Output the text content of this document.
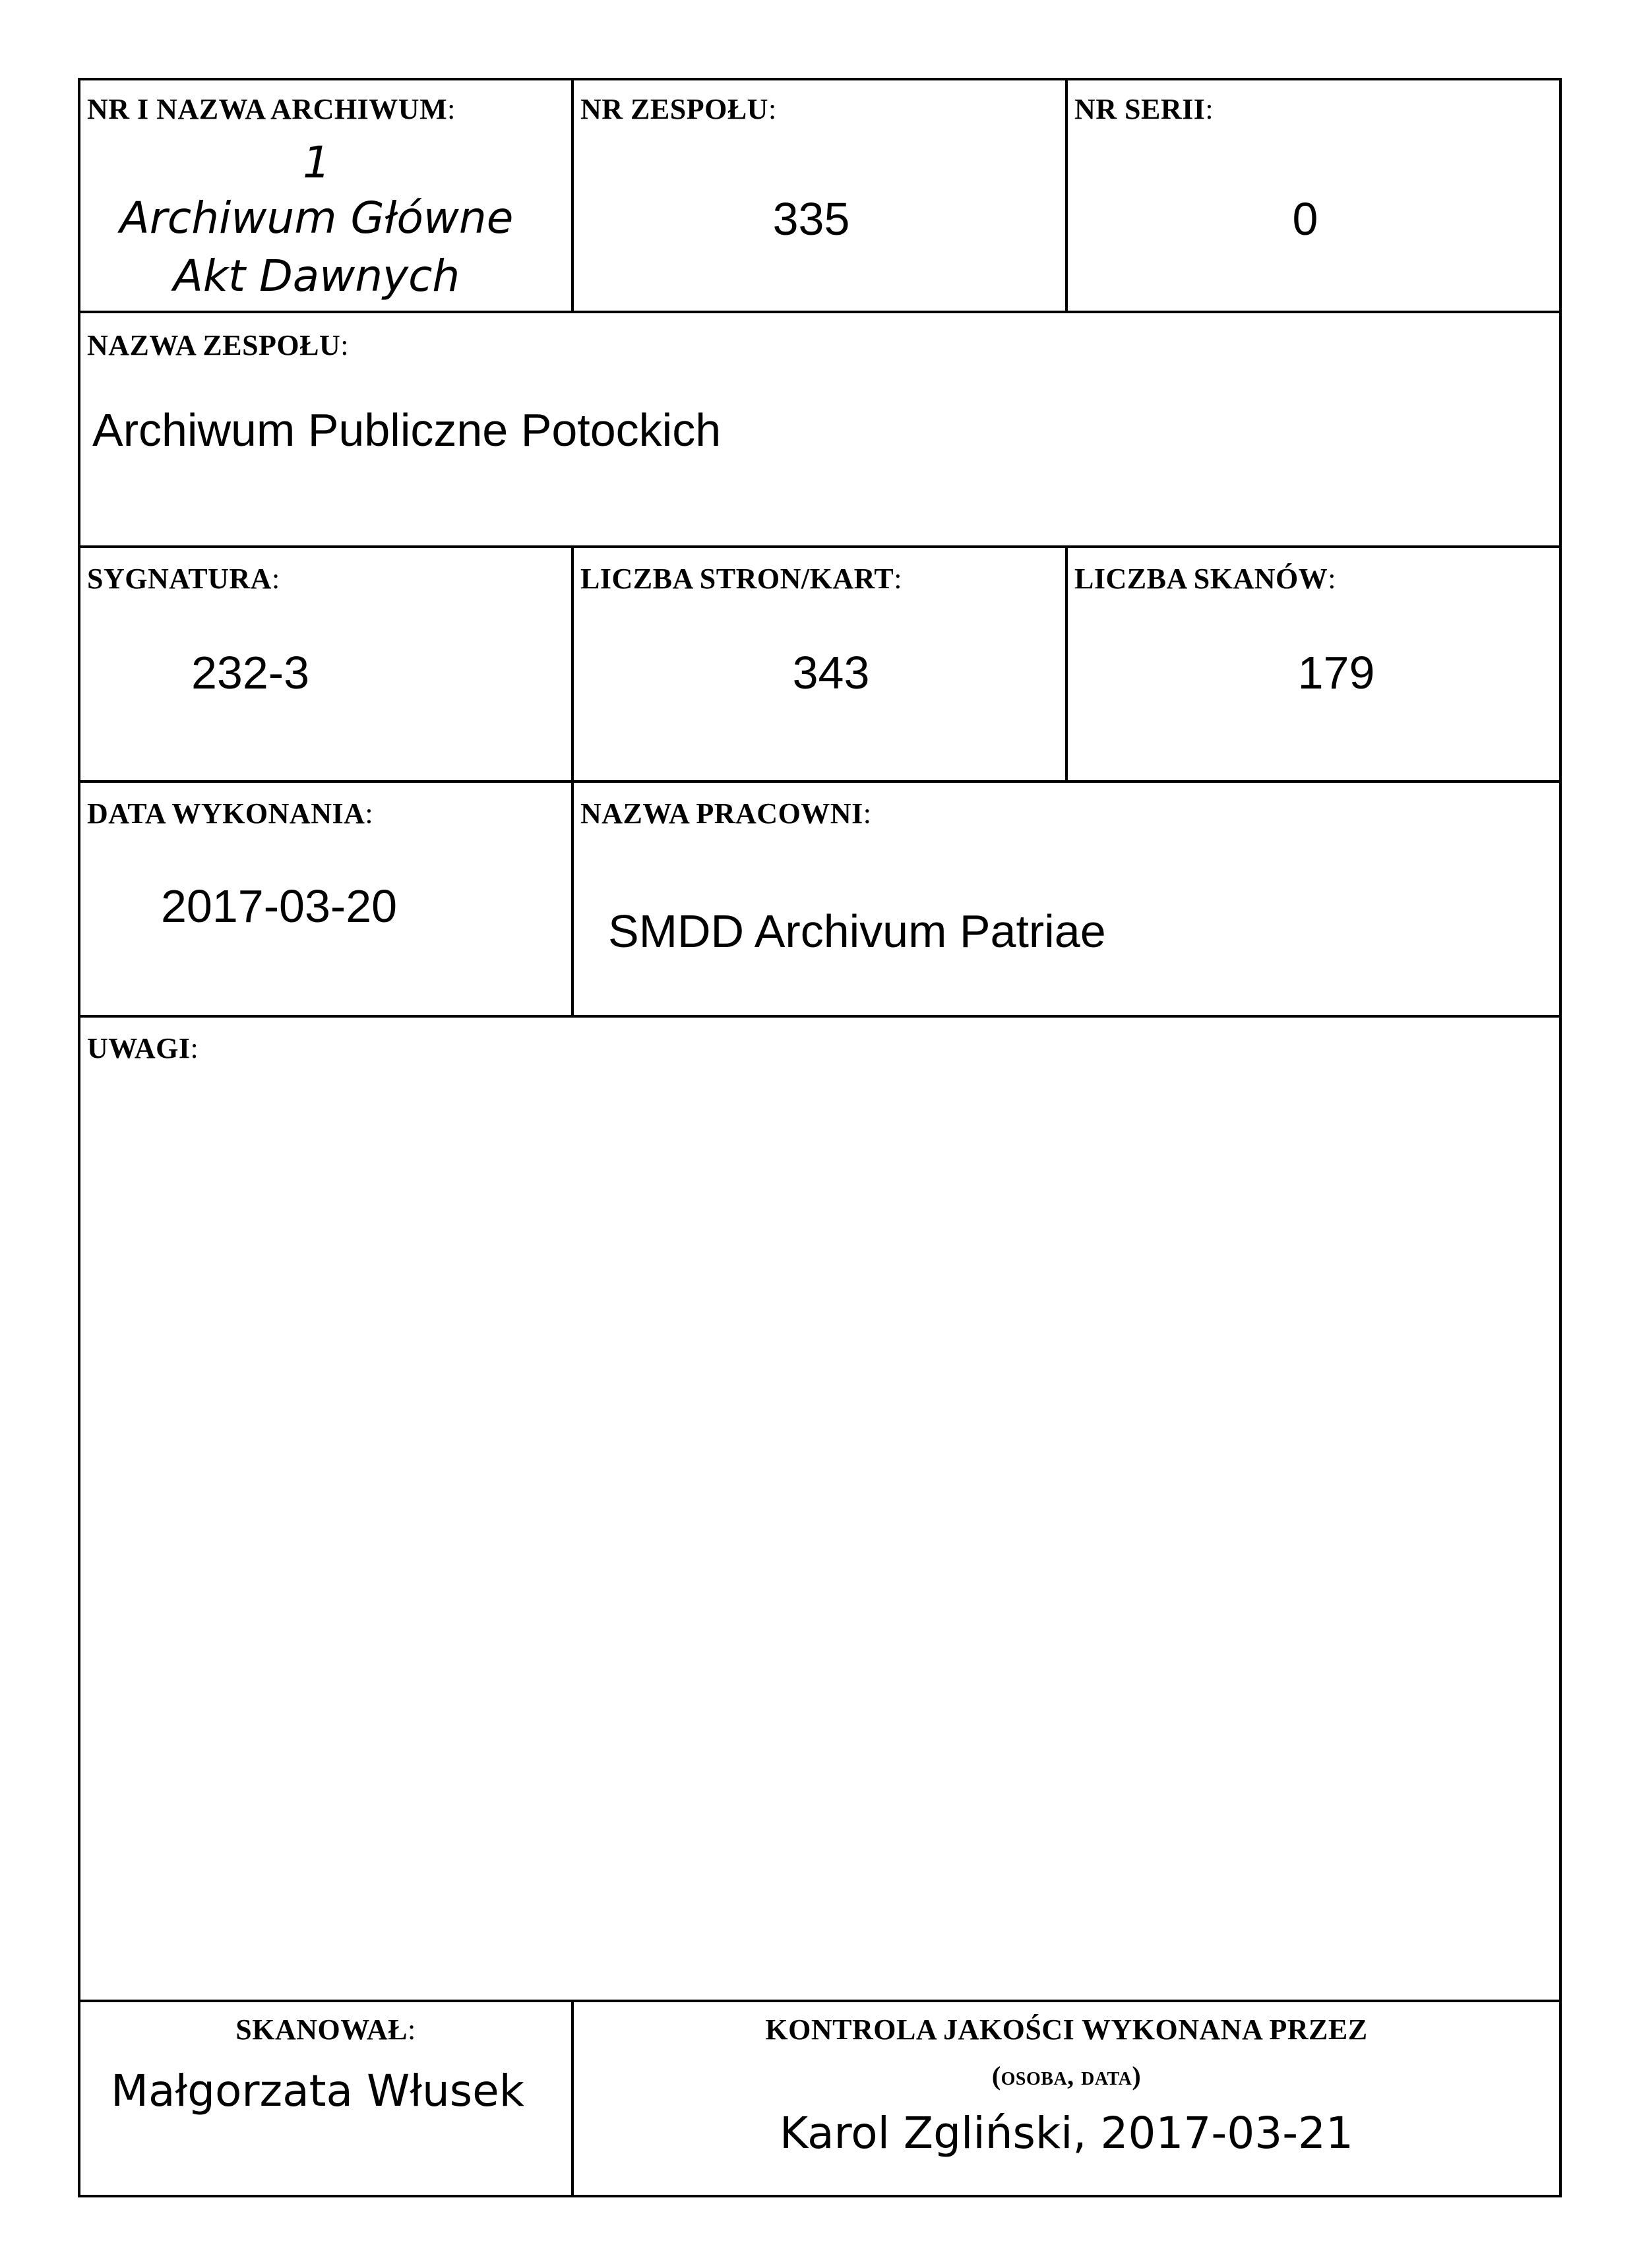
NR I NAZWA ARCHIWUM:
1
Archiwum Główne
Akt Dawnych
NR ZESPOŁU:
335
NR SERII:
0
NAZWA ZESPOŁU:
Archiwum Publiczne Potockich
SYGNATURA:
232-3
LICZBA STRON/KART:
343
LICZBA SKANÓW:
179
DATA WYKONANIA:
2017-03-20
NAZWA PRACOWNI:
SMDD Archivum Patriae
UWAGI:
SKANOWAŁ:
Małgorzata Włusek
KONTROLA JAKOŚCI WYKONANA PRZEZ
(osoba, data)
Karol Zgliński, 2017-03-21
